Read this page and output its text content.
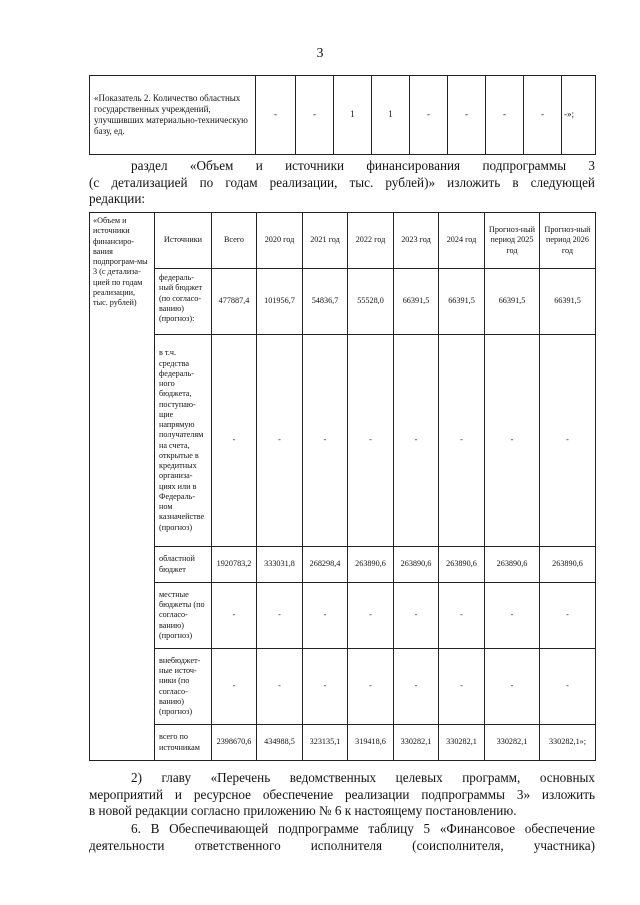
3
«Показатель 2. Количество областных государственных учреждений, улучшивших материально-техническую базу, ед.	-	-	1	1	-	-	-	-	-»;
раздел «Объем и источники финансирования подпрограммы 3
(с детализацией по годам реализации, тыс. рублей)» изложить в следующей
редакции:
«Объем и источники финансиро-вания подпрограм-мы 3 (с детализа-цией по годам реализации, тыс. рублей)	Источники	Всего	2020 год	2021 год	2022 год	2023 год	2024 год	Прогноз-ный период 2025 год	Прогноз-ный период 2026 год
	федераль-ный бюджет (по согласо-ванию) (прогноз):	477887,4	101956,7	54836,7	55528,0	66391,5	66391,5	66391,5	66391,5
	в т.ч. средства федераль-ного бюджета, поступаю-щие напрямую получателям на счета, открытые в кредитных организа-циях или в Федераль-ном казначействе (прогноз)	-	-	-	-	-	-	-	-
	областной бюджет	1920783,2	333031,8	268298,4	263890,6	263890,6	263890,6	263890,6	263890,6
	местные бюджеты (по согласо-ванию) (прогноз)	-	-	-	-	-	-	-	-
	внебюджет-ные источ-ники (по согласо-ванию) (прогноз)	-	-	-	-	-	-	-	-
	всего по источникам	2398670,6	434988,5	323135,1	319418,6	330282,1	330282,1	330282,1	330282,1»;
2) главу «Перечень ведомственных целевых программ, основных
мероприятий и ресурсное обеспечение реализации подпрограммы 3» изложить
в новой редакции согласно приложению № 6 к настоящему постановлению.
6. В Обеспечивающей подпрограмме таблицу 5 «Финансовое обеспечение
деятельности ответственного исполнителя (соисполнителя, участника)
